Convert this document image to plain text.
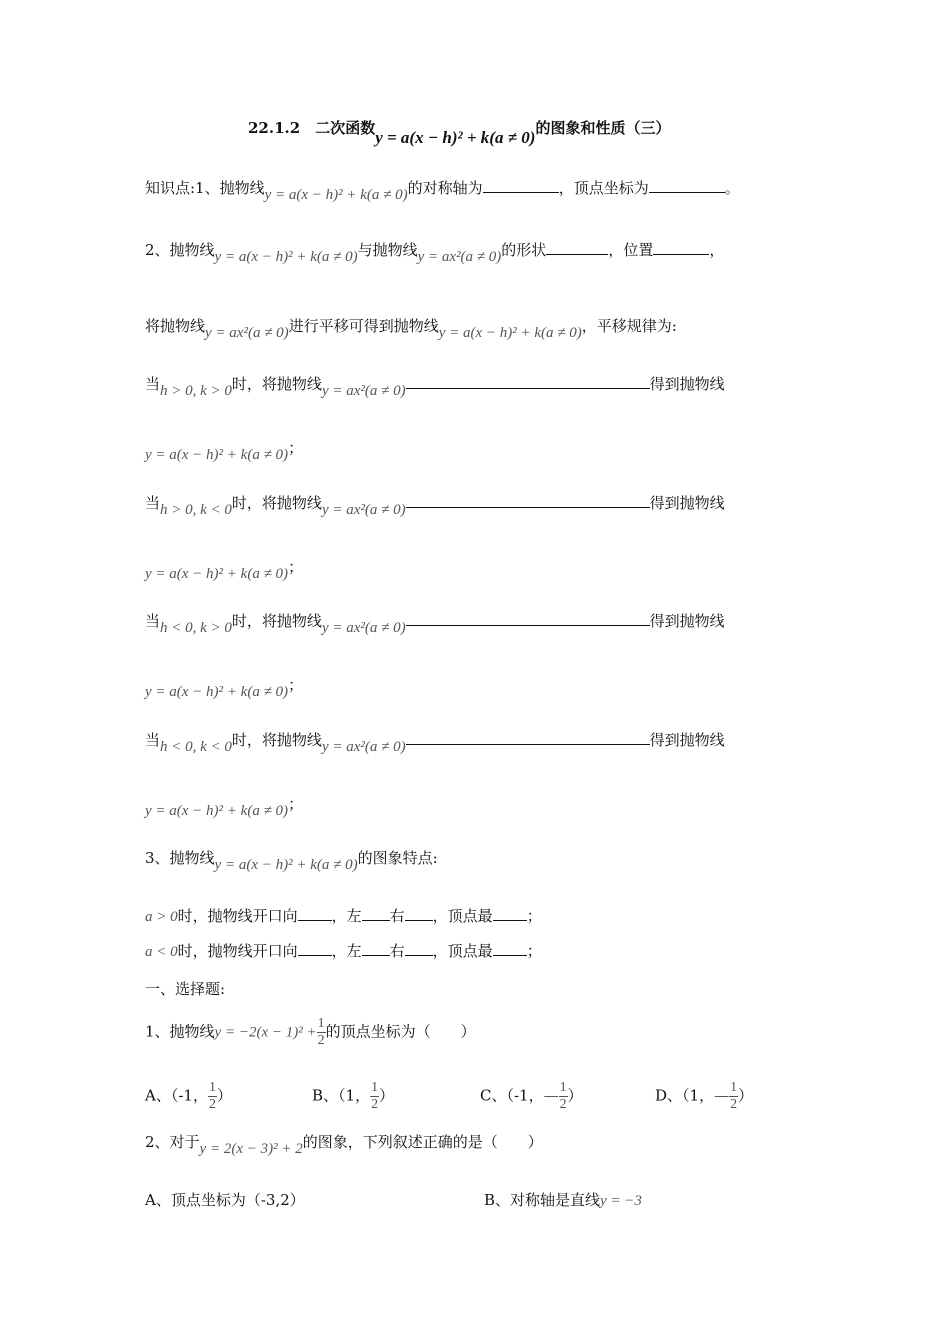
22.1.2　二次函数y = a(x − h)² + k(a ≠ 0)的图象和性质（三）
知识点:1、抛物线y = a(x − h)² + k(a ≠ 0)的对称轴为	，顶点坐标为	。
2、抛物线y = a(x − h)² + k(a ≠ 0)与抛物线y = ax²(a ≠ 0)的形状	，位置	，
将抛物线y = ax²(a ≠ 0)进行平移可得到抛物线y = a(x − h)² + k(a ≠ 0)，平移规律为:
当h > 0, k > 0时，将抛物线y = ax²(a ≠ 0)	得到抛物线
y = a(x − h)² + k(a ≠ 0)；
当h > 0, k < 0时，将抛物线y = ax²(a ≠ 0)	得到抛物线
y = a(x − h)² + k(a ≠ 0)；
当h < 0, k > 0时，将抛物线y = ax²(a ≠ 0)	得到抛物线
y = a(x − h)² + k(a ≠ 0)；
当h < 0, k < 0时，将抛物线y = ax²(a ≠ 0)	得到抛物线
y = a(x − h)² + k(a ≠ 0)；
3、抛物线y = a(x − h)² + k(a ≠ 0)的图象特点:
a > 0时，抛物线开口向 ，左 右 ，顶点最 ；
a < 0时，抛物线开口向 ，左 右 ，顶点最 ；
一、选择题:
1、抛物线$y = -2(x - 1)^2 + \frac{1}{2}$ 的顶点坐标为（　　）
A、（-1， $\frac{1}{2}$ ）	B、（1， $\frac{1}{2}$ ）	C、（-1，— $\frac{1}{2}$ ）	D、（1，— $\frac{1}{2}$ ）
2、对于y = 2(x − 3)² + 2的图象，下列叙述正确的是（　　）
A、顶点坐标为（-3,2）	B、对称轴是直线y = −3
